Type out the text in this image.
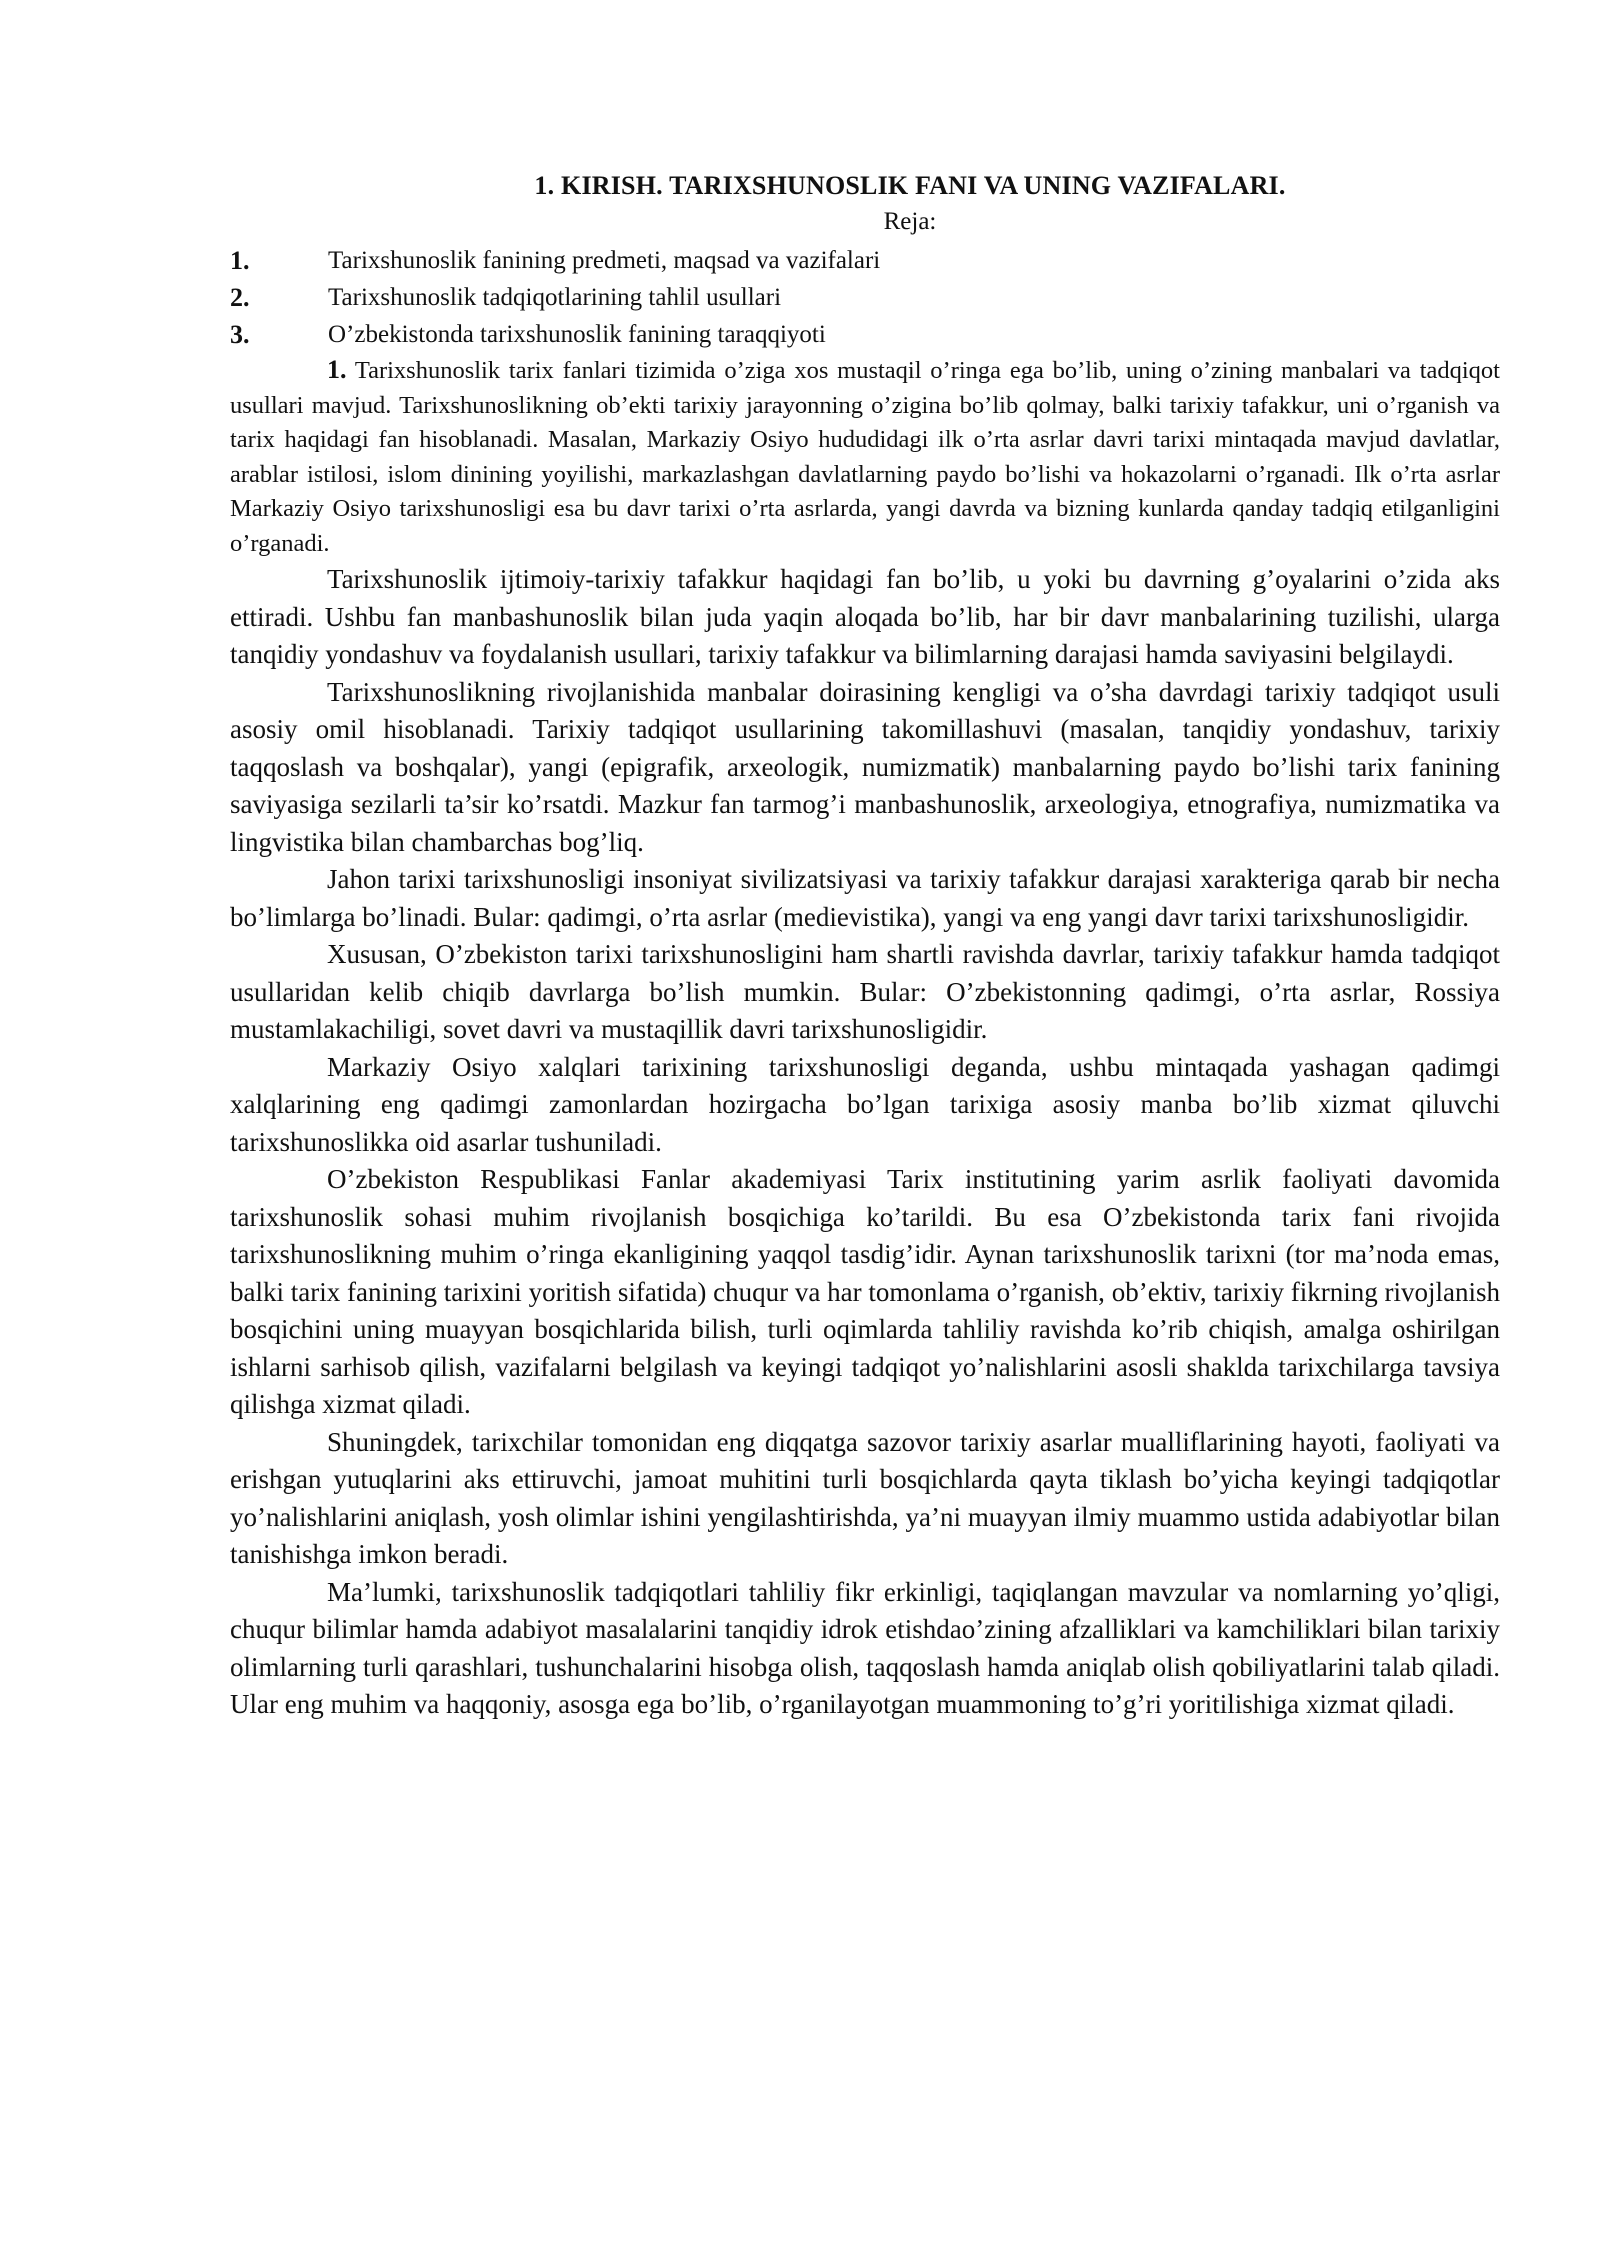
1. KIRISH. TARIXSHUNOSLIK FANI VA UNING VAZIFALARI.
Reja:
1.	Tarixshunoslik fanining predmeti, maqsad va vazifalari
2.	Tarixshunoslik tadqiqotlarining tahlil usullari
3.	O’zbekistonda tarixshunoslik fanining taraqqiyoti

1. Tarixshunoslik tarix fanlari tizimida o’ziga xos mustaqil o’ringa ega bo’lib, uning o’zining manbalari va tadqiqot usullari mavjud. Tarixshunoslikning ob’ekti tarixiy jarayonning o’zigina bo’lib qolmay, balki tarixiy tafakkur, uni o’rganish va tarix haqidagi fan hisoblanadi. Masalan, Markaziy Osiyo hududidagi ilk o’rta asrlar davri tarixi mintaqada mavjud davlatlar, arablar istilosi, islom dinining yoyilishi, markazlashgan davlatlarning paydo bo’lishi va hokazolarni o’rganadi. Ilk o’rta asrlar Markaziy Osiyo tarixshunosligi esa bu davr tarixi o’rta asrlarda, yangi davrda va bizning kunlarda qanday tadqiq etilganligini o’rganadi.

Tarixshunoslik ijtimoiy-tarixiy tafakkur haqidagi fan bo’lib, u yoki bu davrning g’oyalarini o’zida aks ettiradi. Ushbu fan manbashunoslik bilan juda yaqin aloqada bo’lib, har bir davr manbalarining tuzilishi, ularga tanqidiy yondashuv va foydalanish usullari, tarixiy tafakkur va bilimlarning darajasi hamda saviyasini belgilaydi.

Tarixshunoslikning rivojlanishida manbalar doirasining kengligi va o’sha davrdagi tarixiy tadqiqot usuli asosiy omil hisoblanadi. Tarixiy tadqiqot usullarining takomillashuvi (masalan, tanqidiy yondashuv, tarixiy taqqoslash va boshqalar), yangi (epigrafik, arxeologik, numizmatik) manbalarning paydo bo’lishi tarix fanining saviyasiga sezilarli ta’sir ko’rsatdi. Mazkur fan tarmog’i manbashunoslik, arxeologiya, etnografiya, numizmatika va lingvistika bilan chambarchas bog’liq.

Jahon tarixi tarixshunosligi insoniyat sivilizatsiyasi va tarixiy tafakkur darajasi xarakteriga qarab bir necha bo’limlarga bo’linadi. Bular: qadimgi, o’rta asrlar (medievistika), yangi va eng yangi davr tarixi tarixshunosligidir.

Xususan, O’zbekiston tarixi tarixshunosligini ham shartli ravishda davrlar, tarixiy tafakkur hamda tadqiqot usullaridan kelib chiqib davrlarga bo’lish mumkin. Bular: O’zbekistonning qadimgi, o’rta asrlar, Rossiya mustamlakachiligi, sovet davri va mustaqillik davri tarixshunosligidir.

Markaziy Osiyo xalqlari tarixining tarixshunosligi deganda, ushbu mintaqada yashagan qadimgi xalqlarining eng qadimgi zamonlardan hozirgacha bo’lgan tarixiga asosiy manba bo’lib xizmat qiluvchi tarixshunoslikka oid asarlar tushuniladi.

O’zbekiston Respublikasi Fanlar akademiyasi Tarix institutining yarim asrlik faoliyati davomida tarixshunoslik sohasi muhim rivojlanish bosqichiga ko’tarildi. Bu esa O’zbekistonda tarix fani rivojida tarixshunoslikning muhim o’ringa ekanligining yaqqol tasdig’idir. Aynan tarixshunoslik tarixni (tor ma’noda emas, balki tarix fanining tarixini yoritish sifatida) chuqur va har tomonlama o’rganish, ob’ektiv, tarixiy fikrning rivojlanish bosqichini uning muayyan bosqichlarida bilish, turli oqimlarda tahliliy ravishda ko’rib chiqish, amalga oshirilgan ishlarni sarhisob qilish, vazifalarni belgilash va keyingi tadqiqot yo’nalishlarini asosli shaklda tarixchilarga tavsiya qilishga xizmat qiladi.

Shuningdek, tarixchilar tomonidan eng diqqatga sazovor tarixiy asarlar mualliflarining hayoti, faoliyati va erishgan yutuqlarini aks ettiruvchi, jamoat muhitini turli bosqichlarda qayta tiklash bo’yicha keyingi tadqiqotlar yo’nalishlarini aniqlash, yosh olimlar ishini yengilashtirishda, ya’ni muayyan ilmiy muammo ustida adabiyotlar bilan tanishishga imkon beradi.

Ma’lumki, tarixshunoslik tadqiqotlari tahliliy fikr erkinligi, taqiqlangan mavzular va nomlarning yo’qligi, chuqur bilimlar hamda adabiyot masalalarini tanqidiy idrok etishdao’zining afzalliklari va kamchiliklari bilan tarixiy olimlarning turli qarashlari, tushunchalarini hisobga olish, taqqoslash hamda aniqlab olish qobiliyatlarini talab qiladi. Ular eng muhim va haqqoniy, asosga ega bo’lib, o’rganilayotgan muammoning to’g’ri yoritilishiga xizmat qiladi.
